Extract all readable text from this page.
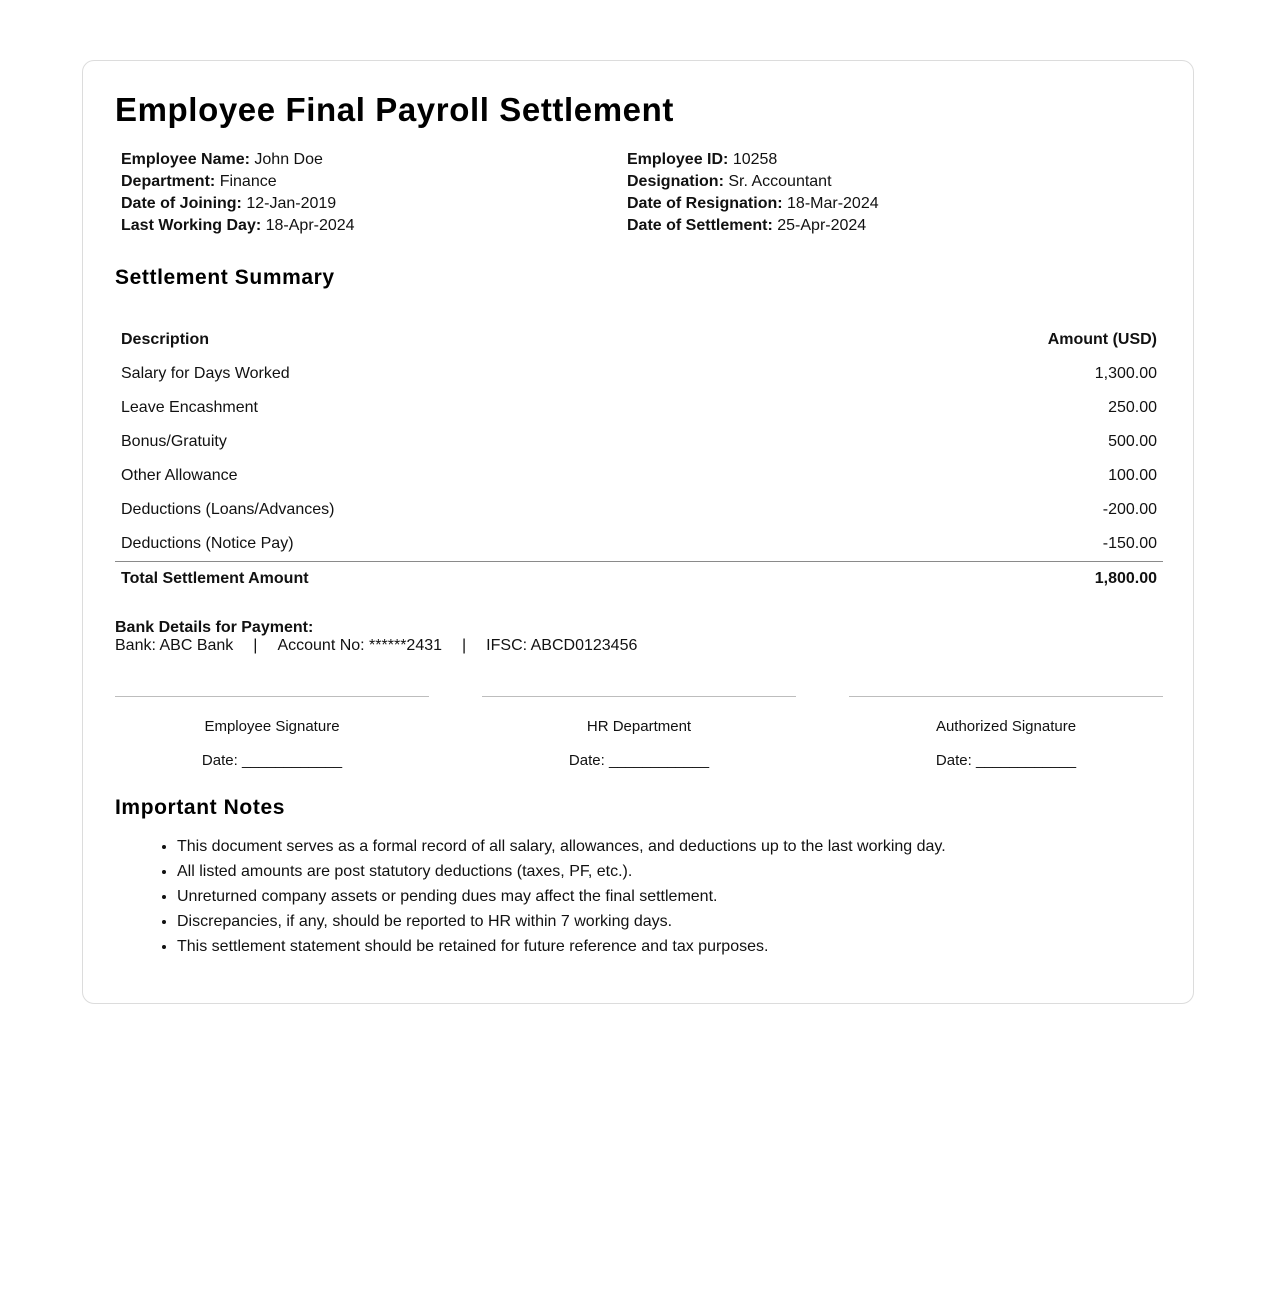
Employee Final Payroll Settlement
Employee Name: John Doe	Employee ID: 10258
Department: Finance	Designation: Sr. Accountant
Date of Joining: 12-Jan-2019	Date of Resignation: 18-Mar-2024
Last Working Day: 18-Apr-2024	Date of Settlement: 25-Apr-2024
Settlement Summary
Description	Amount (USD)
Salary for Days Worked	1,300.00
Leave Encashment	250.00
Bonus/Gratuity	500.00
Other Allowance	100.00
Deductions (Loans/Advances)	-200.00
Deductions (Notice Pay)	-150.00
Total Settlement Amount	1,800.00
Bank Details for Payment:
Bank: ABC Bank | Account No: ******2431 | IFSC: ABCD0123456
Employee Signature
Date: ____________
HR Department
Date: ____________
Authorized Signature
Date: ____________
Important Notes
• This document serves as a formal record of all salary, allowances, and deductions up to the last working day.
• All listed amounts are post statutory deductions (taxes, PF, etc.).
• Unreturned company assets or pending dues may affect the final settlement.
• Discrepancies, if any, should be reported to HR within 7 working days.
• This settlement statement should be retained for future reference and tax purposes.
